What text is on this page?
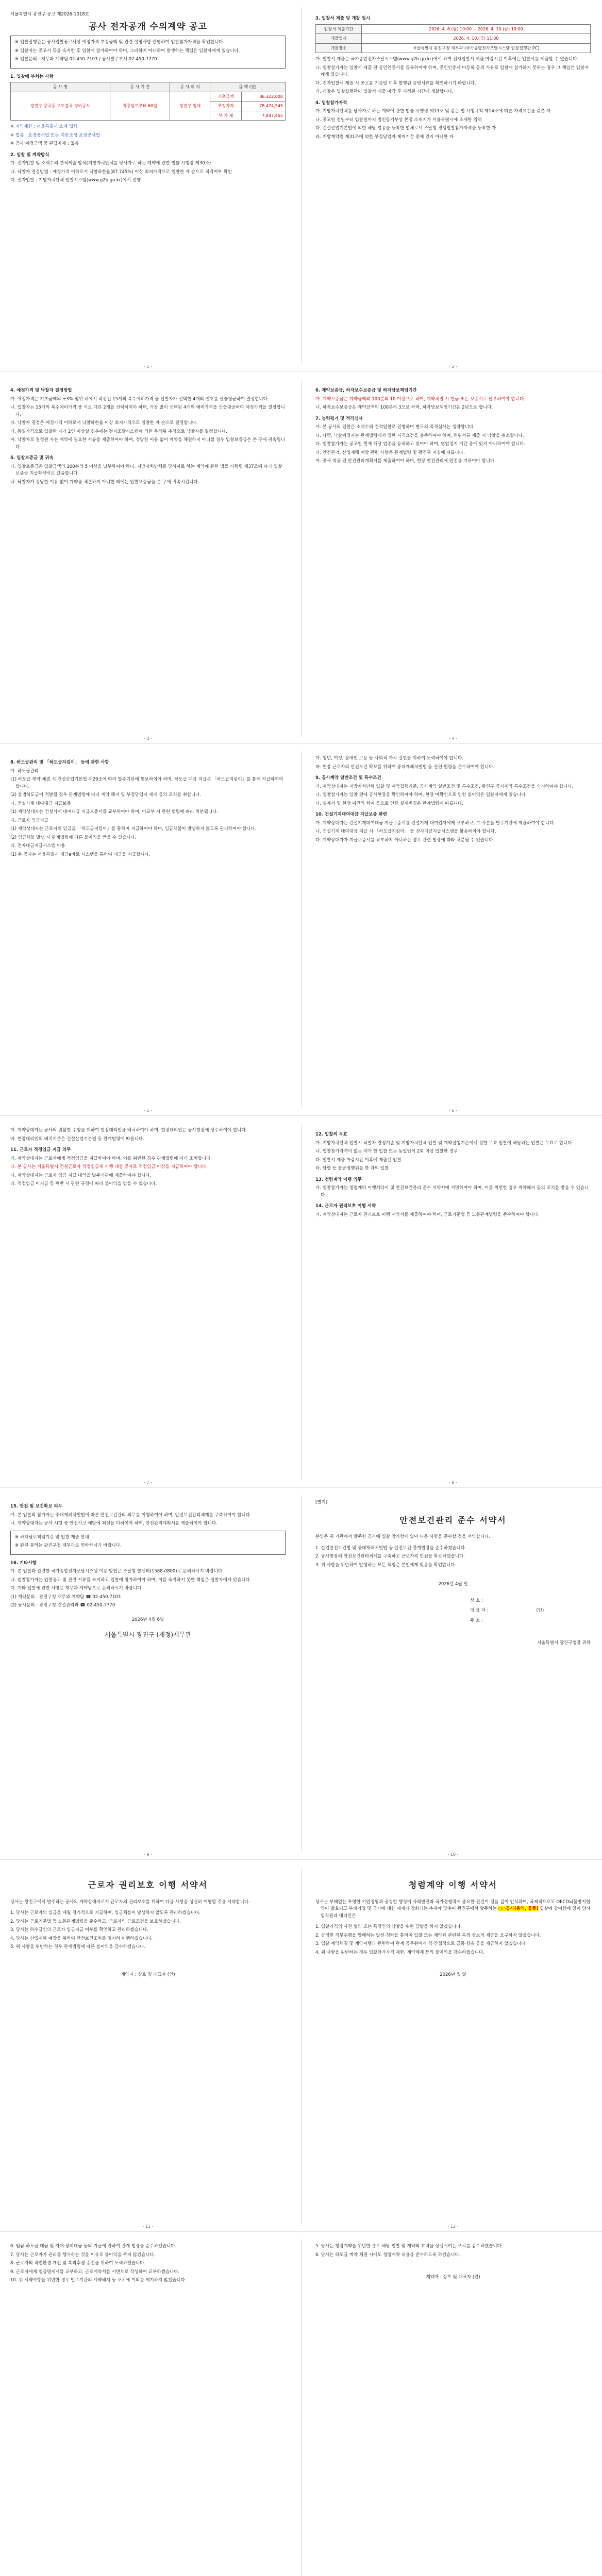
서울특별시 광진구 공고 제2026-1018호
공사 전자공개 수의계약 공고
※ 입찰집행관은 공사입찰공고서상 예정가격 추정금액 및 관련 설명사항 반영하여 입찰참가자격을 확인합니다.
※ 입찰자는 공고서 등을 숙지한 후 입찰에 참가하여야 하며, 그러하지 아니하여 발생하는 책임은 입찰자에게 있습니다.
※ 입찰문의 : 재무과 계약팀 02-450-7103 / 공사발주부서 02-450-7770
1. 입찰에 부치는 사항
공 사 명	공 사 기 간	공 사 위 치	금 액 (원)	
광진구 중곡동 보도블록 정비공사	착공일로부터 60일	광진구 일대	기초금액	86,322,000
			추정가격	78,474,545
			부 가 세	7,847,455
※ 지역제한 : 서울특별시 소재 업체
※ 업종 : 포장공사업 또는 지반조성·포장공사업
※ 공사 예정금액 중 관급자재 : 없음
2. 입찰 및 계약방식
가. 전자입찰 및 소액수의 견적제출 방식(지방자치단체를 당사자로 하는 계약에 관한 법률 시행령 제30조)
나. 낙찰자 결정방법 : 예정가격 이하로서 낙찰하한율(87.745%) 이상 최저가격으로 입찰한 자 순으로 적격여부 확인
다. 전자입찰 : 지방자치단체 입찰시스템(www.g2b.go.kr)에서 진행
3. 입찰서 제출 및 개찰 일시
입찰서 제출기간	2026. 4. 6.(월) 10:00 ~ 2026. 4. 10.(금) 10:00
개찰일시	2026. 4. 10.(금) 11:00
개찰장소	서울특별시 광진구청 재무과 (국가종합전자조달시스템 입찰집행관 PC)
가. 입찰서 제출은 국가종합전자조달시스템(www.g2b.go.kr)에서 하며 전자입찰서 제출 마감시간 이후에는 입찰서를 제출할 수 없습니다.
나. 입찰참가자는 입찰서 제출 전 공인인증서를 등록하여야 하며, 공인인증서 미등록 등의 사유로 입찰에 참가하지 못하는 경우 그 책임은 입찰자에게 있습니다.
다. 전자입찰서 제출 시 공고문 기준일 이후 발행된 증빙서류를 확인하시기 바랍니다.
라. 개찰은 입찰집행관이 입찰서 제출 마감 후 지정된 시간에 개찰합니다.
4. 입찰참가자격
가. 지방자치단체를 당사자로 하는 계약에 관한 법률 시행령 제13조 및 같은 법 시행규칙 제14조에 따른 자격요건을 갖춘 자
나. 공고일 전일부터 입찰일까지 법인등기부상 본점 소재지가 서울특별시에 소재한 업체
다. 건설산업기본법에 의한 해당 업종을 등록한 업체로서 조달청 경쟁입찰참가자격을 등록한 자
라. 지방계약법 제31조에 의한 부정당업자 제재기간 중에 있지 아니한 자
- 1 -	- 2 -
4. 예정가격 및 낙찰자 결정방법
가. 예정가격은 기초금액의 ±3% 범위 내에서 작성된 15개의 복수예비가격 중 입찰자가 선택한 4개의 번호를 산술평균하여 결정합니다.
나. 입찰자는 15개의 복수예비가격 중 서로 다른 2개를 선택하여야 하며, 가장 많이 선택된 4개의 예비가격을 산술평균하여 예정가격을 결정합니다.
다. 낙찰자 결정은 예정가격 이하로서 낙찰하한율 이상 최저가격으로 입찰한 자 순으로 결정합니다.
라. 동일가격으로 입찰한 자가 2인 이상일 경우에는 전자조달시스템에 의한 무작위 추첨으로 낙찰자를 결정합니다.
마. 낙찰자로 결정된 자는 계약에 필요한 서류를 제출하여야 하며, 정당한 이유 없이 계약을 체결하지 아니할 경우 입찰보증금은 본 구에 귀속됩니다.
5. 입찰보증금 및 귀속
가. 입찰보증금은 입찰금액의 100분의 5 이상을 납부하여야 하나, 지방자치단체를 당사자로 하는 계약에 관한 법률 시행령 제37조에 따라 입찰보증금 지급확약서로 갈음합니다.
나. 낙찰자가 정당한 이유 없이 계약을 체결하지 아니한 때에는 입찰보증금을 본 구에 귀속시킵니다.
6. 계약보증금, 하자보수보증금 및 하자담보책임기간
가. 계약보증금은 계약금액의 100분의 10 이상으로 하며, 계약체결 시 현금 또는 보증서로 납부하여야 합니다.
나. 하자보수보증금은 계약금액의 100분의 3으로 하며, 하자담보책임기간은 2년으로 합니다.
7. 능력평가 및 적격심사
가. 본 공사의 입찰은 소액수의 견적입찰로 진행하며 별도의 적격심사는 생략합니다.
나. 다만, 낙찰예정자는 관계법령에서 정한 자격요건을 충족하여야 하며, 허위서류 제출 시 낙찰을 취소합니다.
다. 입찰참가자는 공고일 현재 해당 업종을 등록하고 있어야 하며, 영업정지 기간 중에 있지 아니하여야 합니다.
라. 안전관리, 산업재해 예방 관련 사항은 관계법령 및 광진구 지침에 따릅니다.
마. 공사 착공 전 안전관리계획서를 제출하여야 하며, 현장 안전관리에 만전을 기하여야 합니다.
- 3 -	- 4 -
8. 하도급관리 및 「하도급지킴이」 등에 관한 사항
가. 하도급관리
(1) 하도급 계약 체결 시 건설산업기본법 제29조에 따라 발주기관에 통보하여야 하며, 하도급 대금 지급은 「하도급지킴이」를 통해 지급하여야 합니다.
(2) 불법하도급이 적발될 경우 관계법령에 따라 계약 해지 및 부정당업자 제재 등의 조치를 취합니다.
나. 건설기계 대여대금 지급보증
(1) 계약상대자는 건설기계 대여대금 지급보증서를 교부하여야 하며, 미교부 시 관련 법령에 따라 처분됩니다.
다. 근로자 임금지급
(1) 계약상대자는 근로자의 임금을 「하도급지킴이」를 통하여 지급하여야 하며, 임금체불이 발생하지 않도록 관리하여야 합니다.
(2) 임금체불 발생 시 관계법령에 따른 불이익을 받을 수 있습니다.
라. 전자대금지급시스템 이용
(1) 본 공사는 서울특별시 대금e바로 시스템을 통하여 대금을 지급합니다.
마. 청년, 여성, 장애인 고용 등 사회적 가치 실현을 위하여 노력하여야 합니다.
바. 현장 근로자의 안전보건 확보를 위하여 중대재해처벌법 등 관련 법령을 준수하여야 합니다.
9. 공사계약 일반조건 및 특수조건
가. 계약상대자는 지방자치단체 입찰 및 계약집행기준, 공사계약 일반조건 및 특수조건, 광진구 공사계약 특수조건을 숙지하여야 합니다.
나. 입찰참가자는 입찰 전에 공사현장을 확인하여야 하며, 현장 미확인으로 인한 불이익은 입찰자에게 있습니다.
다. 설계서 및 현장 여건의 차이 등으로 인한 설계변경은 관계법령에 따릅니다.
10. 건설기계대여대금 지급보증 관련
가. 계약상대자는 건설기계대여대금 지급보증서를 건설기계 대여업자에게 교부하고, 그 사본을 발주기관에 제출하여야 합니다.
나. 건설기계 대여대금 지급 시 「하도급지킴이」 등 전자대금지급시스템을 활용하여야 합니다.
다. 계약상대자가 지급보증서를 교부하지 아니하는 경우 관련 법령에 따라 처분될 수 있습니다.
- 5 -	- 6 -
마. 계약상대자는 공사의 원활한 수행을 위하여 현장대리인을 배치하여야 하며, 현장대리인은 공사현장에 상주하여야 합니다.
바. 현장대리인의 배치기준은 건설산업기본법 등 관계법령에 따릅니다.
11. 근로자 적정임금 지급 의무
가. 계약상대자는 근로자에게 적정임금을 지급하여야 하며, 이를 위반한 경우 관계법령에 따라 조치합니다.
나. 본 공사는 서울특별시 건설근로자 적정임금제 시행 대상 공사로 적정임금 이상을 지급하여야 합니다.
다. 계약상대자는 근로자 임금 지급 내역을 발주기관에 제출하여야 합니다.
라. 적정임금 미지급 등 위반 시 관련 규정에 따라 불이익을 받을 수 있습니다.
12. 입찰의 무효
가. 지방자치단체 입찰시 낙찰자 결정기준 및 지방자치단체 입찰 및 계약집행기준에서 정한 무효 입찰에 해당하는 입찰은 무효로 합니다.
나. 입찰참가자격이 없는 자가 한 입찰 또는 동일인이 2회 이상 입찰한 경우
다. 입찰서 제출 마감시간 이후에 제출된 입찰
라. 담합 등 불공정행위를 한 자의 입찰
13. 청렴계약 이행 의무
가. 입찰참가자는 청렴계약 이행서약서 및 안전보건관리 준수 서약서에 서명하여야 하며, 이를 위반한 경우 계약해지 등의 조치를 받을 수 있습니다.
14. 근로자 권리보호 이행 서약
가. 계약상대자는 근로자 권리보호 이행 서약서를 제출하여야 하며, 근로기준법 등 노동관계법령을 준수하여야 합니다.
- 7 -	- 8 -
15. 안전 및 보건확보 의무
가. 본 입찰의 참가자는 중대재해처벌법에 따른 안전보건관리 의무를 이행하여야 하며, 안전보건관리체계를 구축하여야 합니다.
나. 계약상대자는 공사 시행 중 안전사고 예방에 최선을 다하여야 하며, 안전관리계획서를 제출하여야 합니다.
※ 하자담보책임기간 및 입찰 제출 안내
※ 관련 문의는 광진구청 재무과로 연락하시기 바랍니다.
16. 기타사항
가. 본 입찰과 관련한 국가종합전자조달시스템 이용 방법은 조달청 콜센터(1588-0800)로 문의하시기 바랍니다.
나. 입찰참가자는 입찰공고 및 관련 서류를 숙지하고 입찰에 참가하여야 하며, 이를 숙지하지 못한 책임은 입찰자에게 있습니다.
다. 기타 입찰에 관한 사항은 재무과 계약팀으로 문의하시기 바랍니다.
(1) 계약문의 : 광진구청 재무과 계약팀 ☎ 02-450-7103
(2) 공사문의 : 광진구청 건설관리과 ☎ 02-450-7770
2026년 4월 6일
서울특별시 광진구 (재정)재무관
[별지]
안전보건관리 준수 서약서
본인은 귀 기관에서 발주한 공사에 입찰 참가함에 있어 다음 사항을 준수할 것을 서약합니다.
1. 산업안전보건법 및 중대재해처벌법 등 안전보건 관계법령을 준수하겠습니다.
2. 공사현장의 안전보건관리체계를 구축하고 근로자의 안전을 확보하겠습니다.
3. 위 사항을 위반하여 발생하는 모든 책임은 본인에게 있음을 확인합니다.
2026년 4월 일
상 호 :
대 표 자 :	(인)
주 소 :
서울특별시 광진구청장 귀하
- 9 -	- 10 -
근로자 권리보호 이행 서약서
당사는 광진구에서 발주하는 공사의 계약상대자로서 근로자의 권리보호를 위하여 다음 사항을 성실히 이행할 것을 서약합니다.
1. 당사는 근로자의 임금을 매월 정기적으로 지급하며, 임금체불이 발생하지 않도록 관리하겠습니다.
2. 당사는 근로기준법 등 노동관계법령을 준수하고, 근로자의 근로조건을 보호하겠습니다.
3. 당사는 하수급인의 근로자 임금지급 여부를 확인하고 관리하겠습니다.
4. 당사는 산업재해 예방을 위하여 안전보건조치를 철저히 이행하겠습니다.
5. 위 사항을 위반하는 경우 관계법령에 따른 불이익을 감수하겠습니다.
계약자 : 상호 및 대표자 (인)
청렴계약 이행 서약서
당사는 부패없는 투명한 기업경영과 공정한 행정이 사회발전과 국가경쟁력에 중요한 관건이 됨을 깊이 인식하며, 국제적으로도 OECD뇌물방지협약이 발효되고 부패기업 및 국가에 대한 제재가 강화되는 추세에 맞추어 광진구에서 발주하는 ○○공사(용역, 물품) 입찰에 참여함에 있어 당사 임직원과 대리인은
1. 입찰가격의 사전 협의 또는 특정인의 낙찰을 위한 담합을 하지 않겠습니다.
2. 공정한 직무수행을 방해하는 알선·청탁을 통하여 입찰 또는 계약과 관련된 특정 정보의 제공을 요구하지 않겠습니다.
3. 입찰·계약체결 및 계약이행과 관련하여 관계 공무원에게 직·간접적으로 금품·향응 등을 제공하지 않겠습니다.
4. 위 사항을 위반하는 경우 입찰참가자격 제한, 계약해제 등의 불이익을 감수하겠습니다.
2026년 월 일
- 11 -	- 12 -
6. 임금·하도급 대금 및 자재·장비대금 등의 지급에 관하여 관계 법령을 준수하겠습니다.
7. 당사는 근로자가 권리를 행사하는 것을 이유로 불이익을 주지 않겠습니다.
8. 근로자의 작업환경 개선 및 복리후생 증진을 위하여 노력하겠습니다.
9. 근로자에게 임금명세서를 교부하고, 근로계약서를 서면으로 작성하여 교부하겠습니다.
10. 위 서약사항을 위반한 경우 발주기관의 계약해지 등 조치에 이의를 제기하지 않겠습니다.
5. 당사는 청렴계약을 위반한 경우 해당 입찰 및 계약의 효력을 상실시키는 조치를 감수하겠습니다.
6. 당사는 하도급 계약 체결 시에도 청렴계약 내용을 준수하도록 하겠습니다.
계약자 : 상호 및 대표자 (인)
